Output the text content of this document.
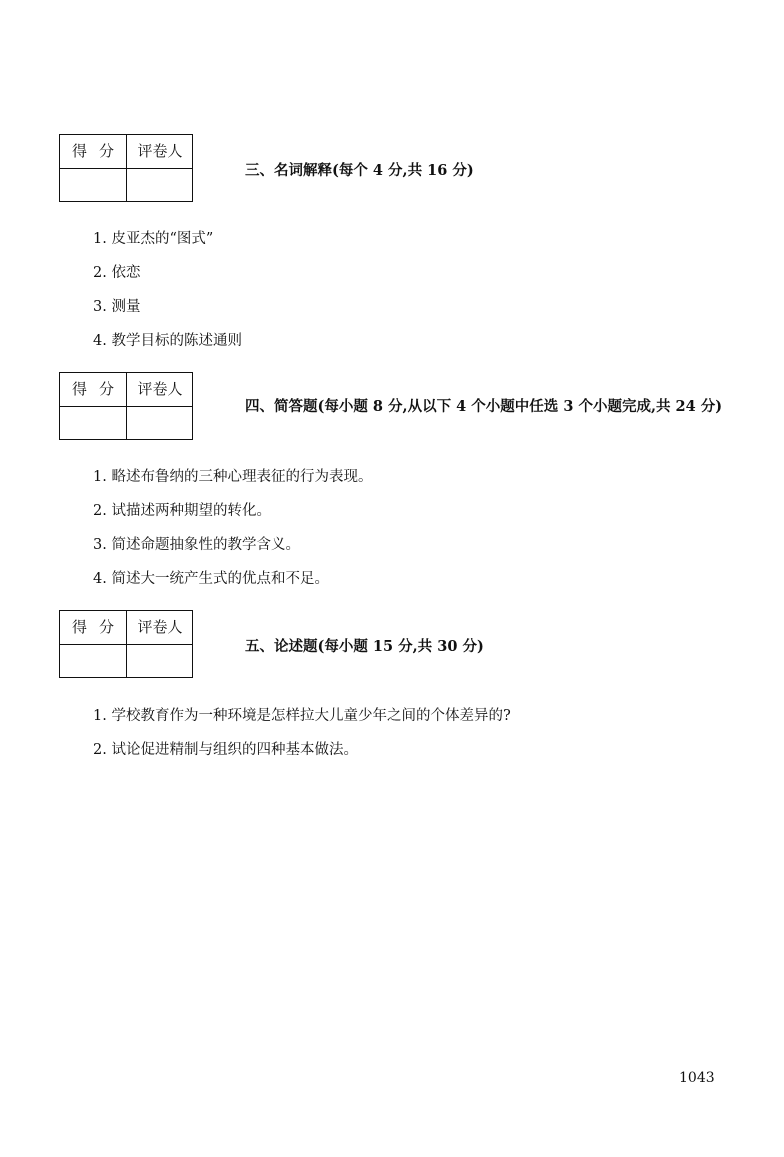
得分 评卷人
三、名词解释(每个 4 分,共 16 分)
1. 皮亚杰的“图式”
2. 依恋
3. 测量
4. 教学目标的陈述通则
得分 评卷人
四、简答题(每小题 8 分,从以下 4 个小题中任选 3 个小题完成,共 24 分)
1. 略述布鲁纳的三种心理表征的行为表现。
2. 试描述两种期望的转化。
3. 简述命题抽象性的教学含义。
4. 简述大一统产生式的优点和不足。
得分 评卷人
五、论述题(每小题 15 分,共 30 分)
1. 学校教育作为一种环境是怎样拉大儿童少年之间的个体差异的?
2. 试论促进精制与组织的四种基本做法。
1043
